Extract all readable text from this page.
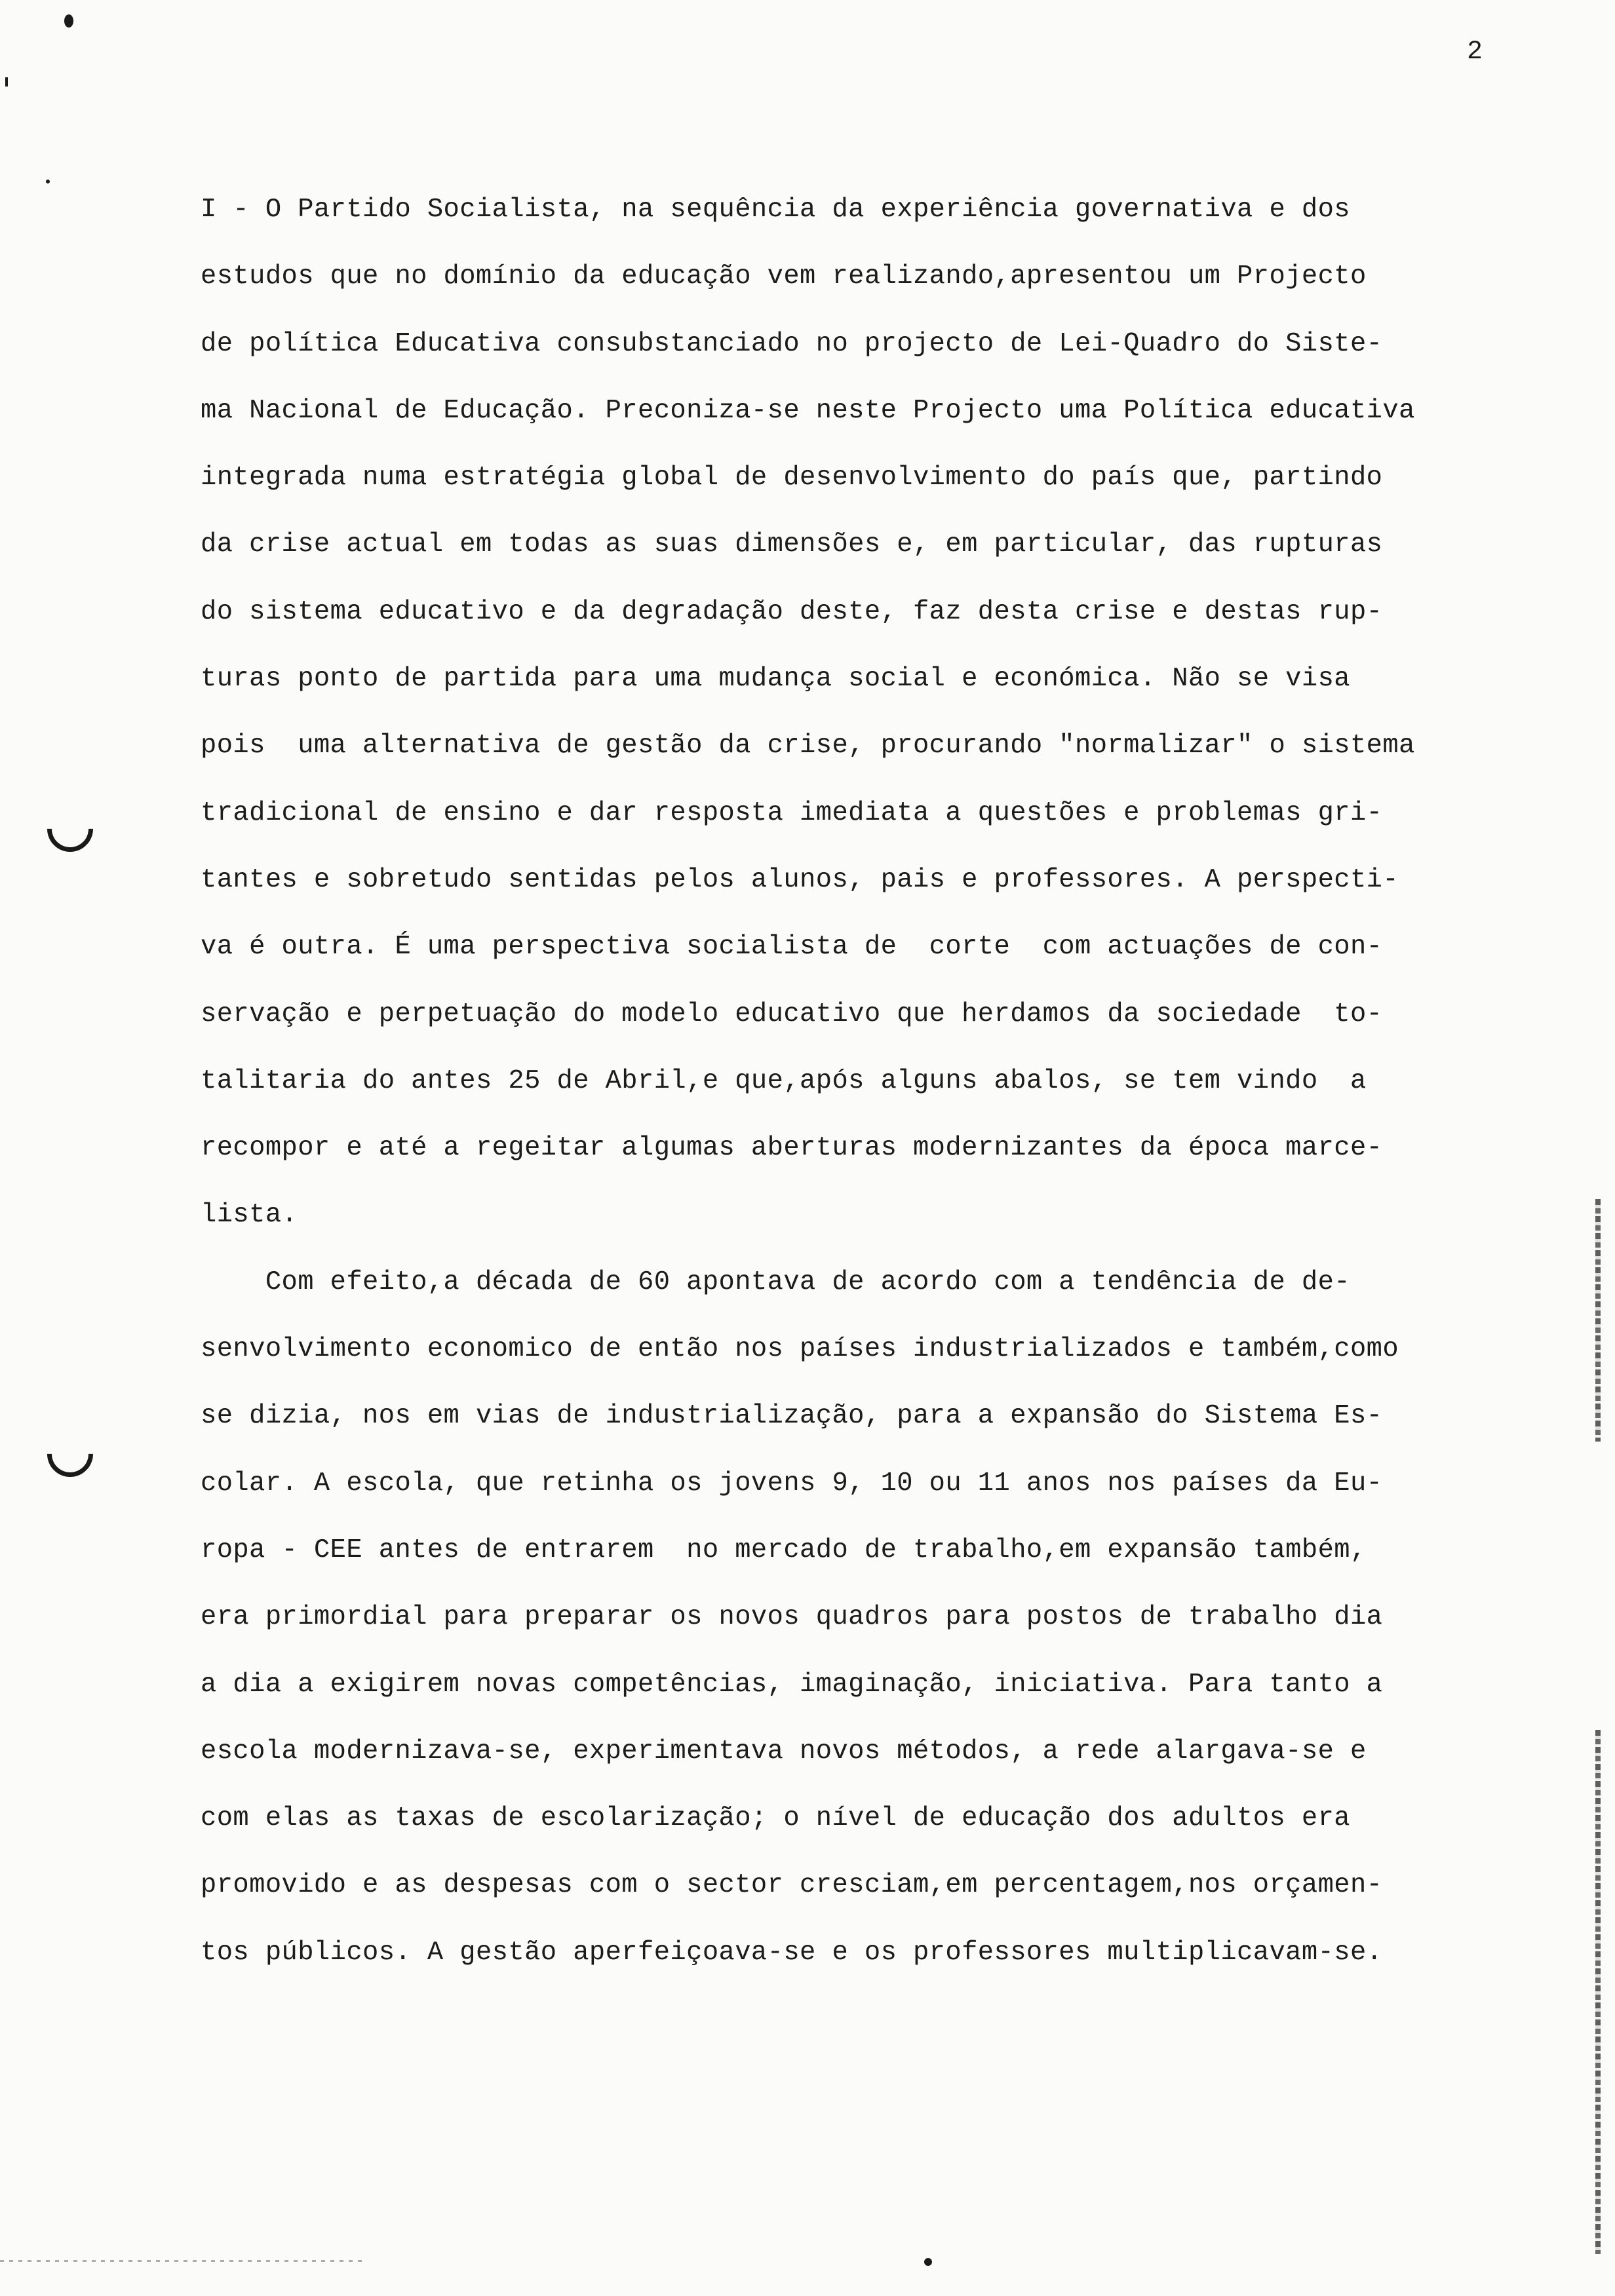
2
I - O Partido Socialista, na sequência da experiência governativa e dos
estudos que no domínio da educação vem realizando,apresentou um Projecto
de política Educativa consubstanciado no projecto de Lei-Quadro do Siste-
ma Nacional de Educação. Preconiza-se neste Projecto uma Política educativa
integrada numa estratégia global de desenvolvimento do país que, partindo
da crise actual em todas as suas dimensões e, em particular, das rupturas
do sistema educativo e da degradação deste, faz desta crise e destas rup-
turas ponto de partida para uma mudança social e económica. Não se visa
pois  uma alternativa de gestão da crise, procurando "normalizar" o sistema
tradicional de ensino e dar resposta imediata a questões e problemas gri-
tantes e sobretudo sentidas pelos alunos, pais e professores. A perspecti-
va é outra. É uma perspectiva socialista de  corte  com actuações de con-
servação e perpetuação do modelo educativo que herdamos da sociedade  to-
talitaria do antes 25 de Abril,e que,após alguns abalos, se tem vindo  a
recompor e até a regeitar algumas aberturas modernizantes da época marce-
lista.
Com efeito,a década de 60 apontava de acordo com a tendência de de-
senvolvimento economico de então nos países industrializados e também,como
se dizia, nos em vias de industrialização, para a expansão do Sistema Es-
colar. A escola, que retinha os jovens 9, 10 ou 11 anos nos países da Eu-
ropa - CEE antes de entrarem  no mercado de trabalho,em expansão também,
era primordial para preparar os novos quadros para postos de trabalho dia
a dia a exigirem novas competências, imaginação, iniciativa. Para tanto a
escola modernizava-se, experimentava novos métodos, a rede alargava-se e
com elas as taxas de escolarização; o nível de educação dos adultos era
promovido e as despesas com o sector cresciam,em percentagem,nos orçamen-
tos públicos. A gestão aperfeiçoava-se e os professores multiplicavam-se.
